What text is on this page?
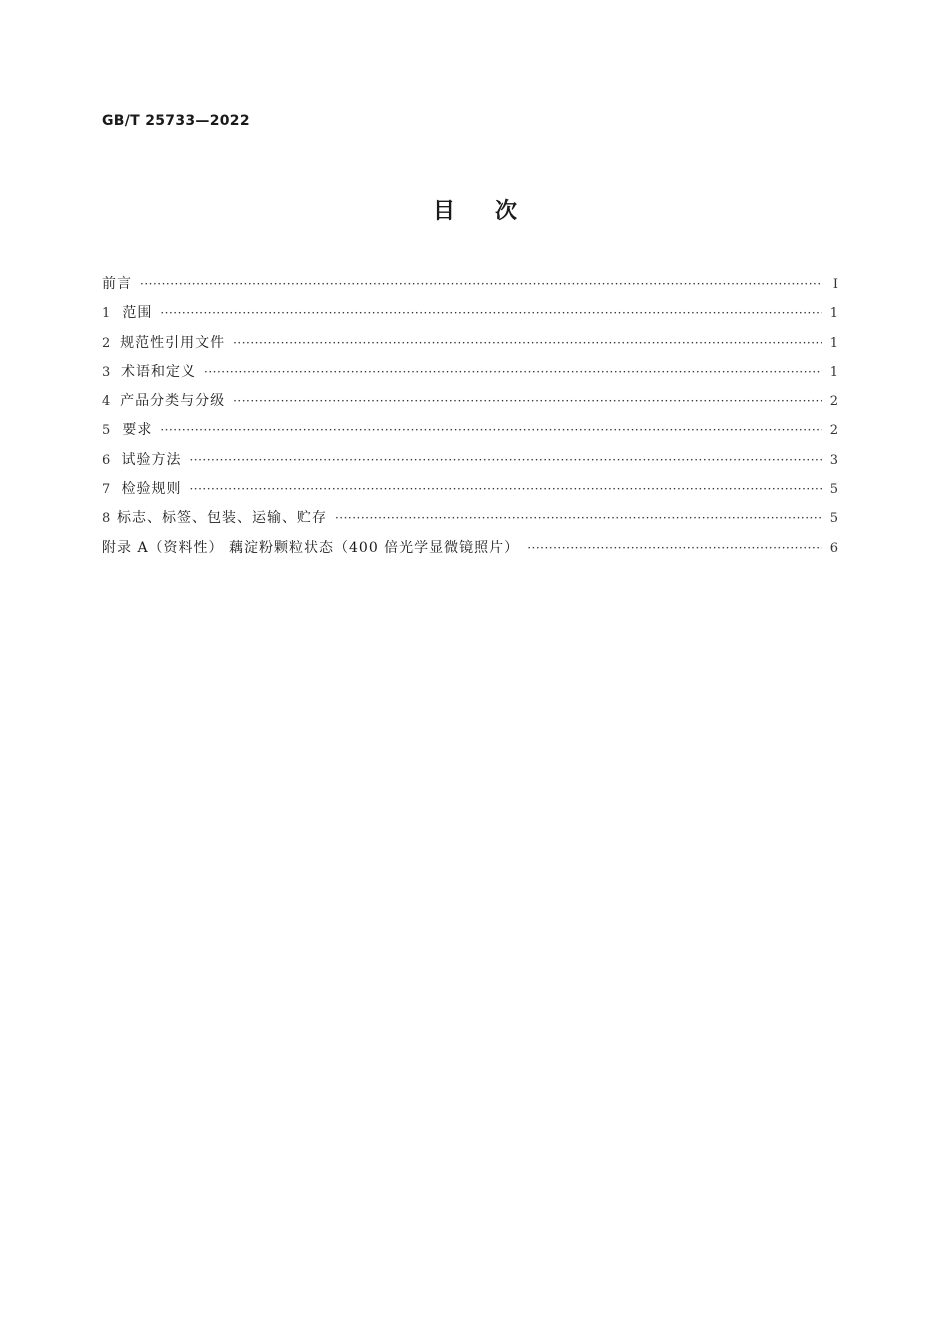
GB/T 25733—2022
目次
前言 ·····	I
1 范围 ·····	1
2 规范性引用文件 ·····	1
3 术语和定义 ·····	1
4 产品分类与分级 ·····	2
5 要求 ·····	2
6 试验方法 ·····	3
7 检验规则 ·····	5
8 标志、标签、包装、运输、贮存 ·····	5
附录 A（资料性） 藕淀粉颗粒状态（400 倍光学显微镜照片） ·····	6
